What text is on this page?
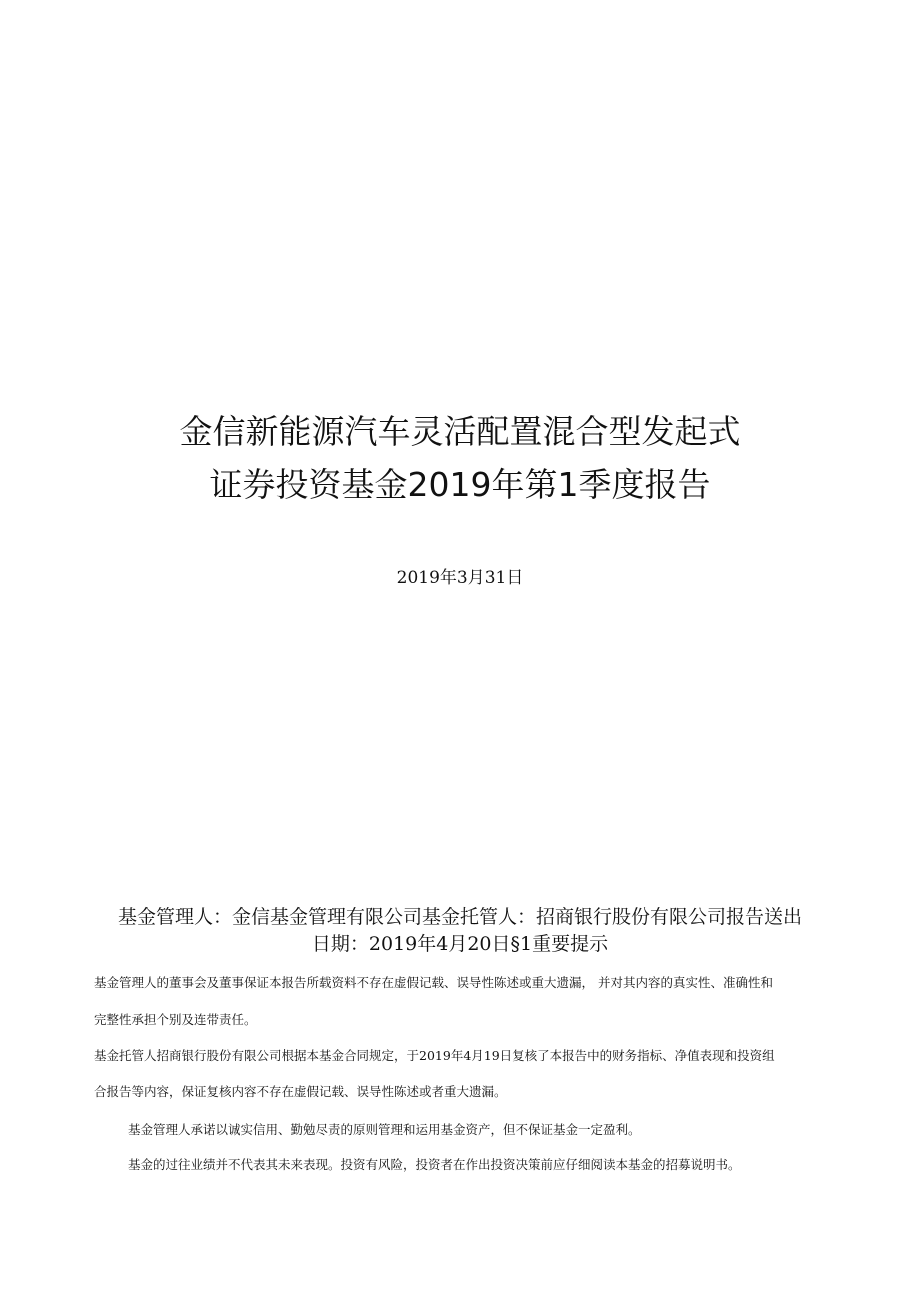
金信新能源汽车灵活配置混合型发起式
证券投资基金2019年第1季度报告
2019年3月31日
基金管理人：金信基金管理有限公司基金托管人：招商银行股份有限公司报告送出
日期：2019年4月20日§1重要提示
基金管理人的董事会及董事保证本报告所载资料不存在虚假记载、误导性陈述或重大遗漏， 并对其内容的真实性、准确性和
完整性承担个别及连带责任。
基金托管人招商银行股份有限公司根据本基金合同规定，于2019年4月19日复核了本报告中的财务指标、净值表现和投资组
合报告等内容，保证复核内容不存在虚假记载、误导性陈述或者重大遗漏。
基金管理人承诺以诚实信用、勤勉尽责的原则管理和运用基金资产，但不保证基金一定盈利。
基金的过往业绩并不代表其未来表现。投资有风险，投资者在作出投资决策前应仔细阅读本基金的招募说明书。
